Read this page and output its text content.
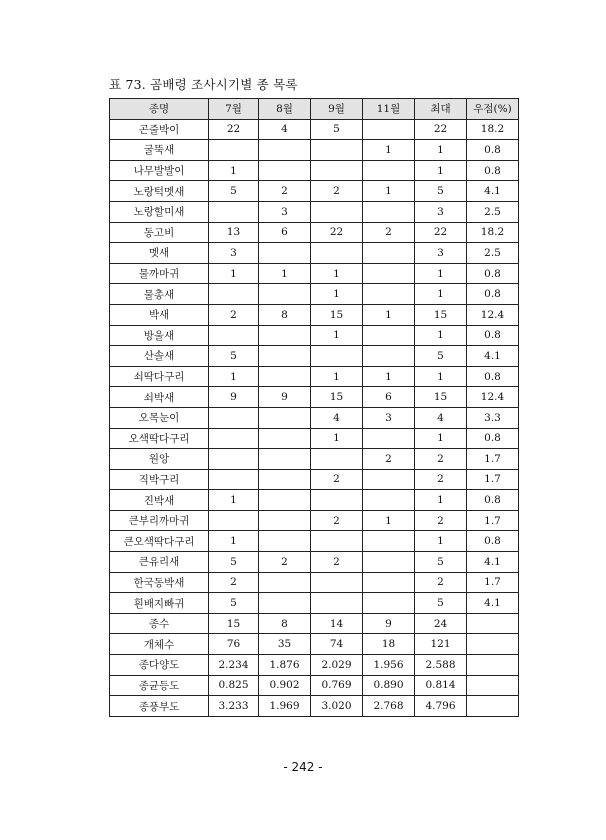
표 73. 곰배령 조사시기별 종 목록
종명	7월	8월	9월	11월	최대	우점(%)
곤줄박이	22	4	5		22	18.2
굴뚝새				1	1	0.8
나무발발이	1				1	0.8
노랑턱멧새	5	2	2	1	5	4.1
노랑할미새		3			3	2.5
동고비	13	6	22	2	22	18.2
멧새	3				3	2.5
물까마귀	1	1	1		1	0.8
물총새			1		1	0.8
박새	2	8	15	1	15	12.4
방울새			1		1	0.8
산솔새	5				5	4.1
쇠딱다구리	1		1	1	1	0.8
쇠박새	9	9	15	6	15	12.4
오목눈이			4	3	4	3.3
오색딱다구리			1		1	0.8
원앙				2	2	1.7
직박구리			2		2	1.7
진박새	1				1	0.8
큰부리까마귀			2	1	2	1.7
큰오색딱다구리	1				1	0.8
큰유리새	5	2	2		5	4.1
한국동박새	2				2	1.7
흰배지빠귀	5				5	4.1
종수	15	8	14	9	24	
개체수	76	35	74	18	121	
종다양도	2.234	1.876	2.029	1.956	2.588	
종균등도	0.825	0.902	0.769	0.890	0.814	
종풍부도	3.233	1.969	3.020	2.768	4.796	
- 242 -
